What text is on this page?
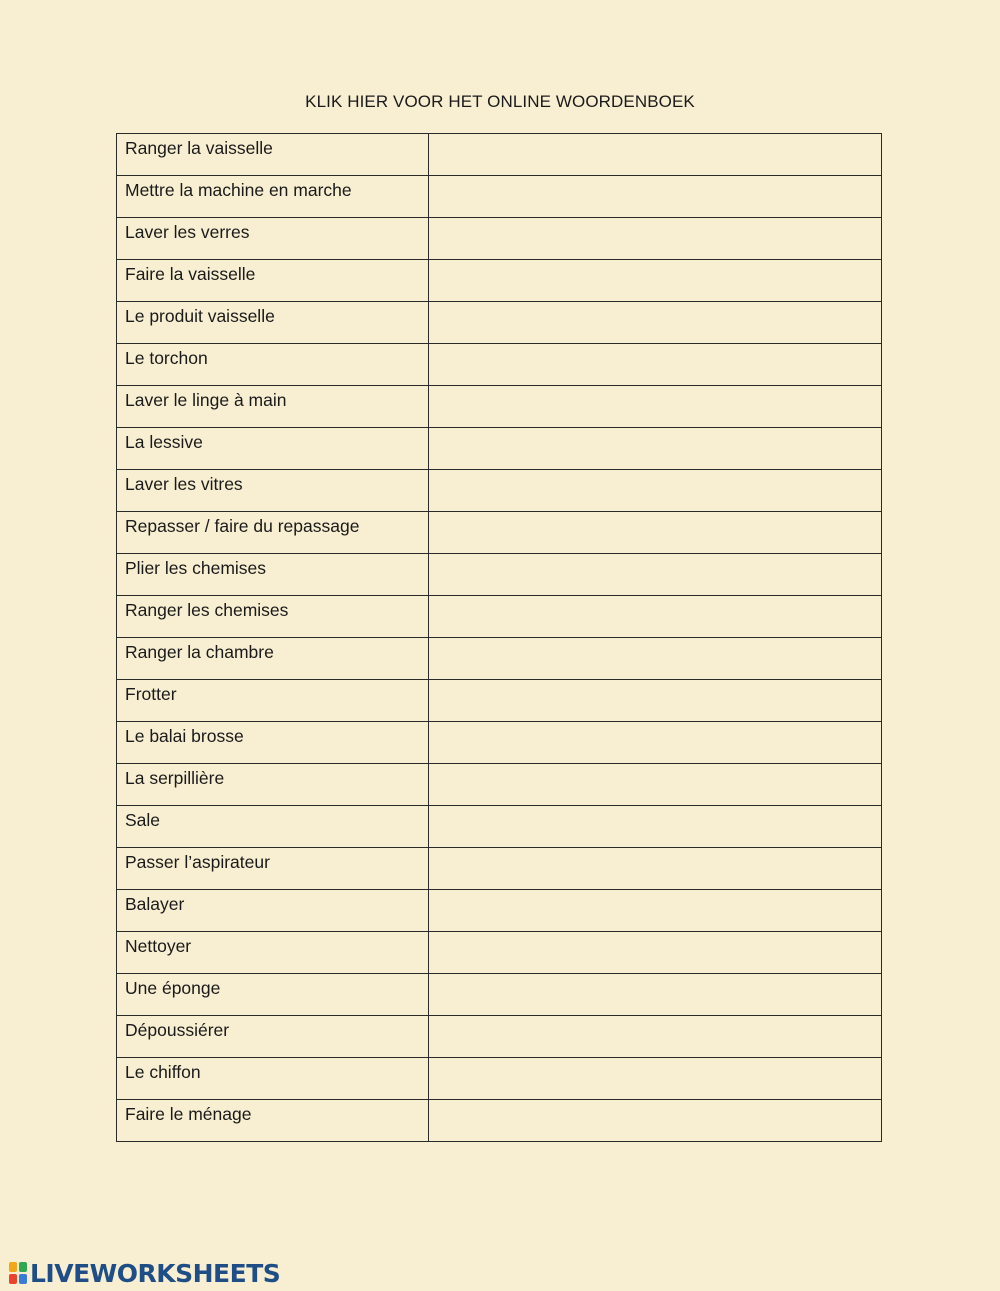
KLIK HIER VOOR HET ONLINE WOORDENBOEK
Ranger la vaisselle	

Mettre la machine en marche	

Laver les verres	

Faire la vaisselle	

Le produit vaisselle	

Le torchon	

Laver le linge à main	

La lessive	

Laver les vitres	

Repasser / faire du repassage	

Plier les chemises	

Ranger les chemises	

Ranger la chambre	

Frotter	

Le balai brosse	

La serpillière	

Sale	

Passer l’aspirateur	

Balayer	

Nettoyer	

Une éponge	

Dépoussiérer	

Le chiffon	

Faire le ménage	
LIVEWORKSHEETS
